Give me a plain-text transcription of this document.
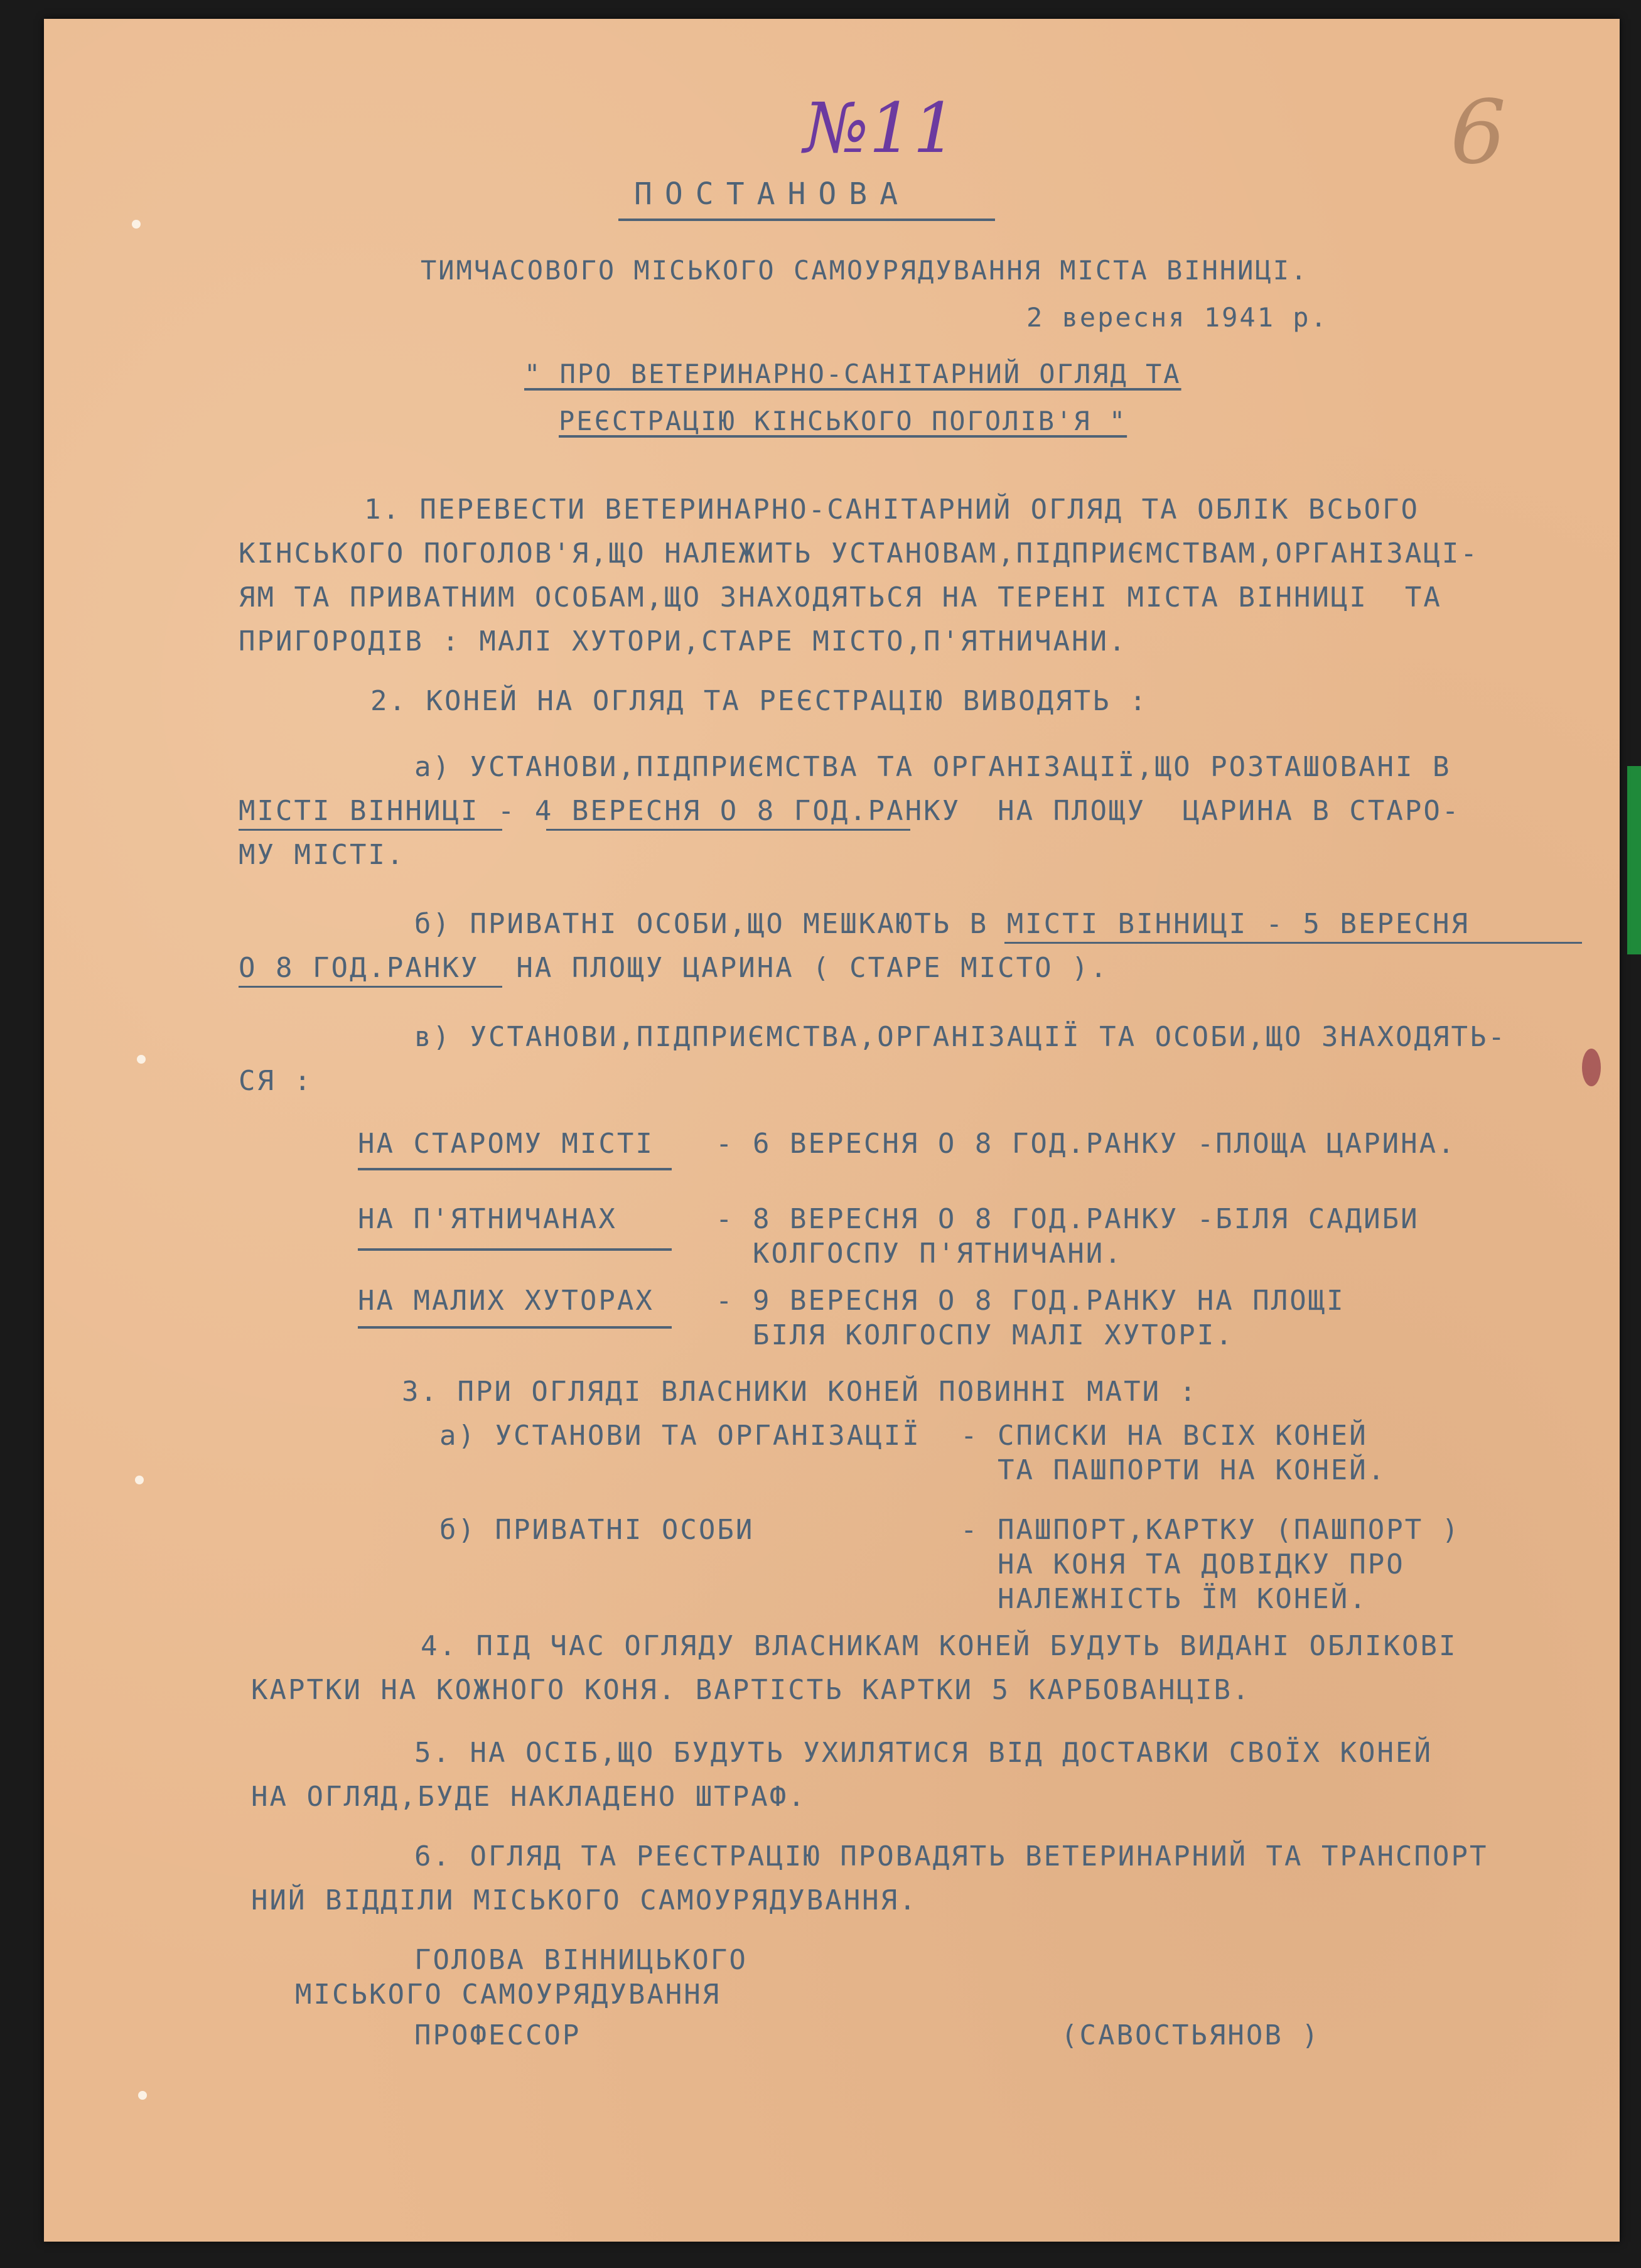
№11	6
ПОСТАНОВА
ТИМЧАСОВОГО МІСЬКОГО САМОУРЯДУВАННЯ МІСТА ВІННИЦІ.
2 вересня 1941 р.
" ПРО ВЕТЕРИНАРНО-САНІТАРНИЙ ОГЛЯД ТА
РЕЄСТРАЦІЮ КІНСЬКОГО ПОГОЛІВ'Я "
1. ПЕРЕВЕСТИ ВЕТЕРИНАРНО-САНІТАРНИЙ ОГЛЯД ТА ОБЛІК ВСЬОГО
КІНСЬКОГО ПОГОЛОВ'Я,ЩО НАЛЕЖИТЬ УСТАНОВАМ,ПІДПРИЄМСТВАМ,ОРГАНІЗАЦІ-
ЯМ ТА ПРИВАТНИМ ОСОБАМ,ЩО ЗНАХОДЯТЬСЯ НА ТЕРЕНІ МІСТА ВІННИЦІ  ТА
ПРИГОРОДІВ : МАЛІ ХУТОРИ,СТАРЕ МІСТО,П'ЯТНИЧАНИ.
2. КОНЕЙ НА ОГЛЯД ТА РЕЄСТРАЦІЮ ВИВОДЯТЬ :
а) УСТАНОВИ,ПІДПРИЄМСТВА ТА ОРГАНІЗАЦІЇ,ЩО РОЗТАШОВАНІ В
МІСТІ ВІННИЦІ - 4 ВЕРЕСНЯ О 8 ГОД.РАНКУ  НА ПЛОЩУ  ЦАРИНА В СТАРО-
МУ МІСТІ.
б) ПРИВАТНІ ОСОБИ,ЩО МЕШКАЮТЬ В МІСТІ ВІННИЦІ - 5 ВЕРЕСНЯ
О 8 ГОД.РАНКУ  НА ПЛОЩУ ЦАРИНА ( СТАРЕ МІСТО ).
в) УСТАНОВИ,ПІДПРИЄМСТВА,ОРГАНІЗАЦІЇ ТА ОСОБИ,ЩО ЗНАХОДЯТЬ-
СЯ :
НА СТАРОМУ МІСТІ - 6 ВЕРЕСНЯ О 8 ГОД.РАНКУ -ПЛОЩА ЦАРИНА.
НА П'ЯТНИЧАНАХ	- 8 ВЕРЕСНЯ О 8 ГОД.РАНКУ -БІЛЯ САДИБИ
КОЛГОСПУ П'ЯТНИЧАНИ.
НА МАЛИХ ХУТОРАХ - 9 ВЕРЕСНЯ О 8 ГОД.РАНКУ НА ПЛОЩІ
БІЛЯ КОЛГОСПУ МАЛІ ХУТОРІ.
3. ПРИ ОГЛЯДІ ВЛАСНИКИ КОНЕЙ ПОВИННІ МАТИ :
а) УСТАНОВИ ТА ОРГАНІЗАЦІЇ - СПИСКИ НА ВСІХ КОНЕЙ
ТА ПАШПОРТИ НА КОНЕЙ.
б) ПРИВАТНІ ОСОБИ	- ПАШПОРТ,КАРТКУ (ПАШПОРТ )
НА КОНЯ ТА ДОВІДКУ ПРО
НАЛЕЖНІСТЬ ЇМ КОНЕЙ.
4. ПІД ЧАС ОГЛЯДУ ВЛАСНИКАМ КОНЕЙ БУДУТЬ ВИДАНІ ОБЛІКОВІ
КАРТКИ НА КОЖНОГО КОНЯ. ВАРТІСТЬ КАРТКИ 5 КАРБОВАНЦІВ.
5. НА ОСІБ,ЩО БУДУТЬ УХИЛЯТИСЯ ВІД ДОСТАВКИ СВОЇХ КОНЕЙ
НА ОГЛЯД,БУДЕ НАКЛАДЕНО ШТРАФ.
6. ОГЛЯД ТА РЕЄСТРАЦІЮ ПРОВАДЯТЬ ВЕТЕРИНАРНИЙ ТА ТРАНСПОРТ
НИЙ ВІДДІЛИ МІСЬКОГО САМОУРЯДУВАННЯ.
ГОЛОВА ВІННИЦЬКОГО
МІСЬКОГО САМОУРЯДУВАННЯ
ПРОФЕССОР	(САВОСТЬЯНОВ )
